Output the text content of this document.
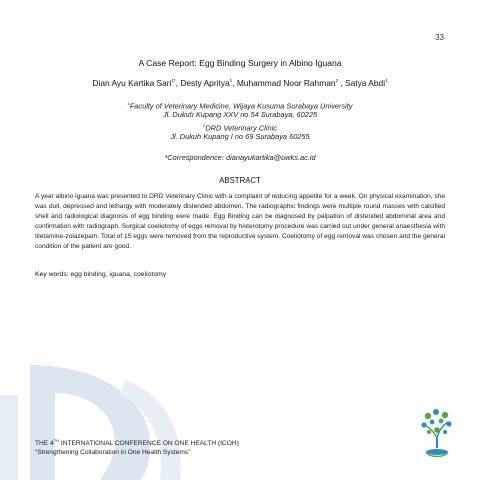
33
A Case Report: Egg Binding Surgery in Albino Iguana
Dian Ayu Kartika Sari$^{1*}$, Desty Apritya$^1$, Muhammad Noor Rahman$^2$ , Satya Abdi$^1$
$^1$Faculty of Veterinary Medicine, Wijaya Kusuma Surabaya University
Jl. Dukuh Kupang XXV no 54 Surabaya, 60225
$^2$DRD Veterinary Clinic
Jl. Dukuh Kupang I no 69 Surabaya 60255
*Correspondence: dianayukartika@uwks.ac.id
ABSTRACT
A year albino iguana was presented to DRD Veterinary Clinic with a complaint of reducing appetite for a week. On physical examination, she was dull, depressed and lethargy with moderately distended abdomen. The radiographic findings were multiple round masses with calcified shell and radiological diagnosis of egg binding were made. Egg Binding can be diagnosed by palpation of distended abdominal area and confirmation with radiograph. Surgical coeliotomy of eggs removal by histerotomy procedure was carried out under general anaesthesia with tiletamine-zolazepam. Total of 15 eggs were removed from the reproductive system. Coeliotomy of egg removal was chosen and the general condition of the patient are good.
Key words: egg binding, iguana, coeliotomy
THE 4TH INTERNATIONAL CONFERENCE ON ONE HEALTH (ICOH)
“Strengthening Collaboration in One Health Systems”
